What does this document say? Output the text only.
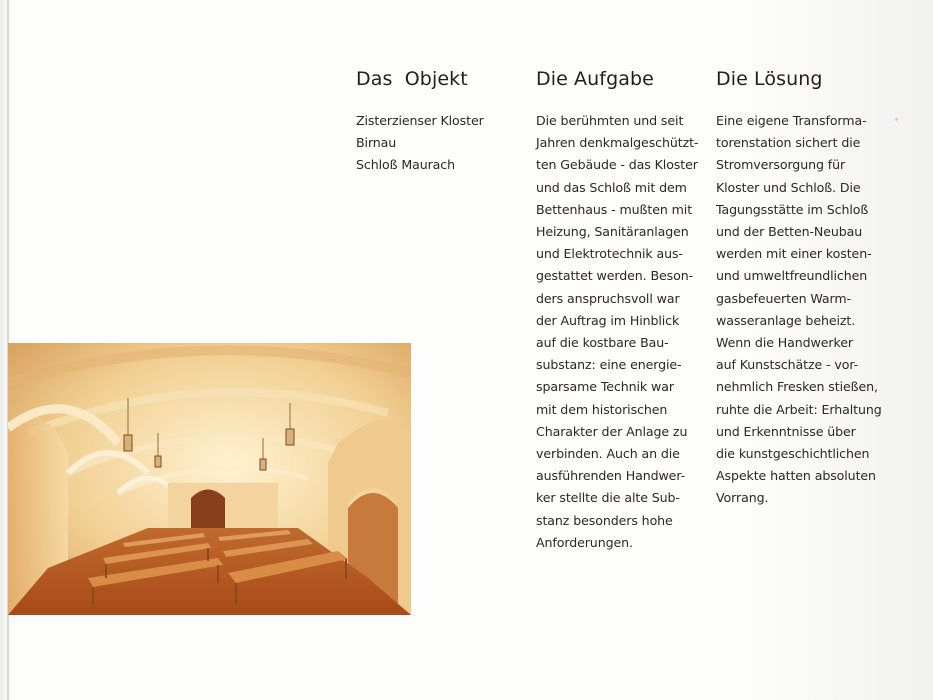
Das  Objekt
Zisterzienser Kloster
Birnau
Schloß Maurach
Die Aufgabe
Die berühmten und seit
Jahren denkmalgeschützt-
ten Gebäude - das Kloster
und das Schloß mit dem
Bettenhaus - mußten mit
Heizung, Sanitäranlagen
und Elektrotechnik aus-
gestattet werden. Beson-
ders anspruchsvoll war
der Auftrag im Hinblick
auf die kostbare Bau-
substanz: eine energie-
sparsame Technik war
mit dem historischen
Charakter der Anlage zu
verbinden. Auch an die
ausführenden Handwer-
ker stellte die alte Sub-
stanz besonders hohe
Anforderungen.
Die Lösung
Eine eigene Transforma-
torenstation sichert die
Stromversorgung für
Kloster und Schloß. Die
Tagungsstätte im Schloß
und der Betten-Neubau
werden mit einer kosten-
und umweltfreundlichen
gasbefeuerten Warm-
wasseranlage beheizt.
Wenn die Handwerker
auf Kunstschätze - vor-
nehmlich Fresken stießen,
ruhte die Arbeit: Erhaltung
und Erkenntnisse über
die kunstgeschichtlichen
Aspekte hatten absoluten
Vorrang.
